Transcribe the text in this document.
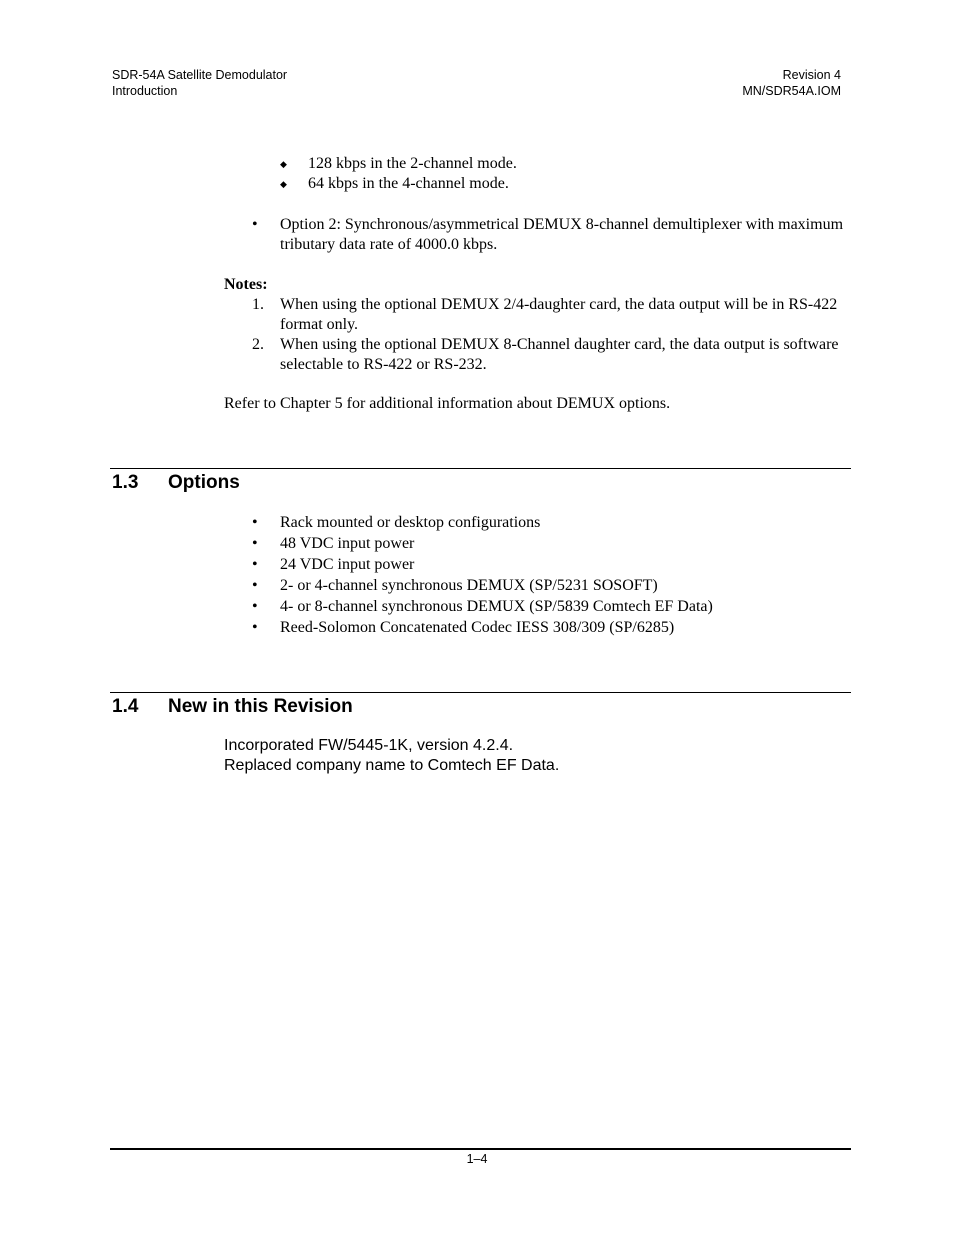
SDR-54A Satellite Demodulator
Introduction
Revision 4
MN/SDR54A.IOM
◆ 128 kbps in the 2-channel mode.
◆ 64 kbps in the 4-channel mode.
• Option 2: Synchronous/asymmetrical DEMUX 8-channel demultiplexer with maximum tributary data rate of 4000.0 kbps.
Notes:
1. When using the optional DEMUX 2/4-daughter card, the data output will be in RS-422 format only.
2. When using the optional DEMUX 8-Channel daughter card, the data output is software selectable to RS-422 or RS-232.
Refer to Chapter 5 for additional information about DEMUX options.
1.3 Options
• Rack mounted or desktop configurations
• 48 VDC input power
• 24 VDC input power
• 2- or 4-channel synchronous DEMUX (SP/5231 SOSOFT)
• 4- or 8-channel synchronous DEMUX (SP/5839 Comtech EF Data)
• Reed-Solomon Concatenated Codec IESS 308/309 (SP/6285)
1.4 New in this Revision
Incorporated FW/5445-1K, version 4.2.4.
Replaced company name to Comtech EF Data.
1–4
